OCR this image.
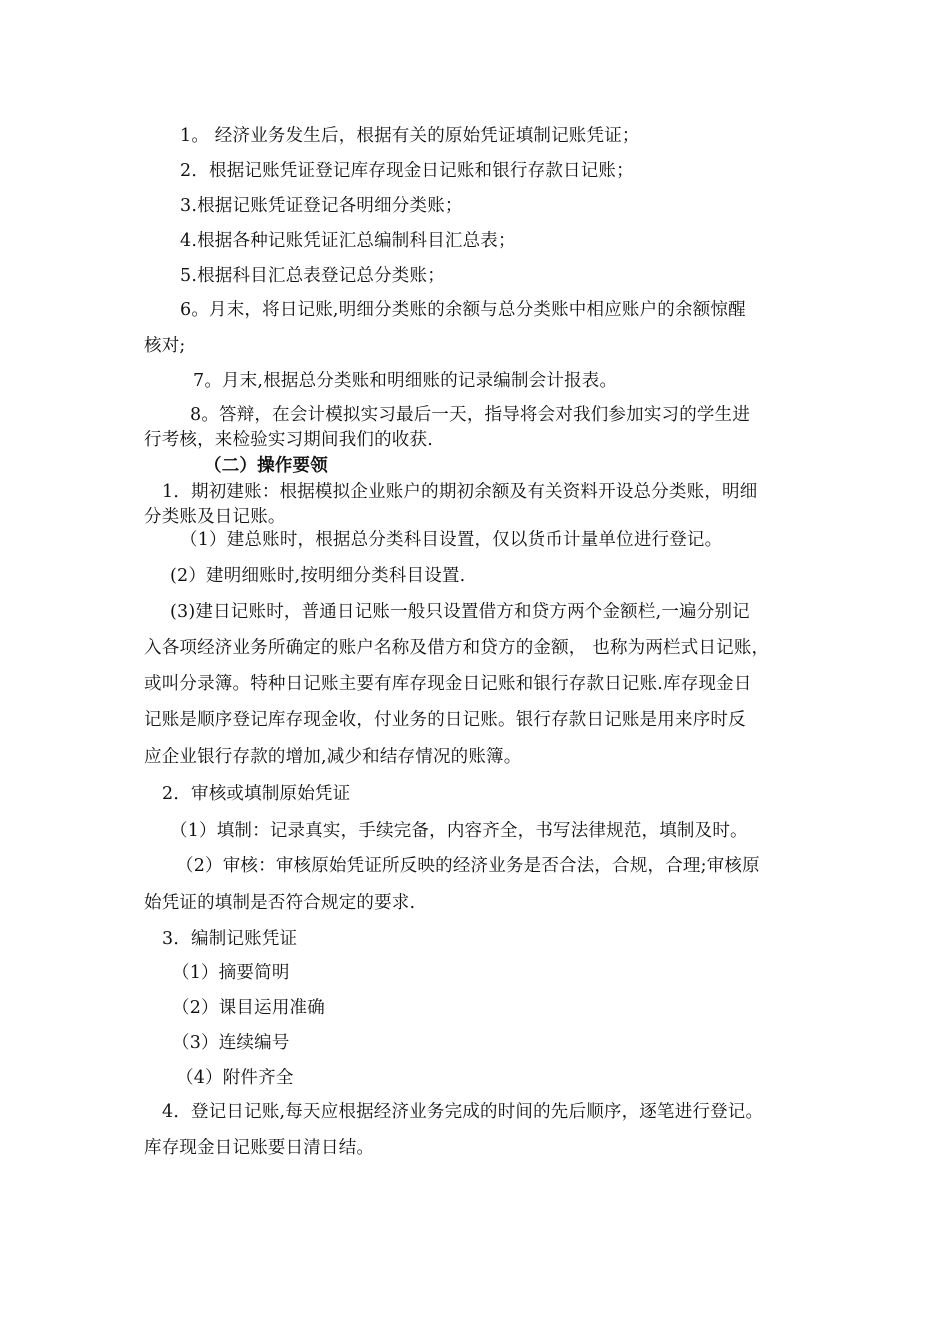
1。 经济业务发生后，根据有关的原始凭证填制记账凭证；
2．根据记账凭证登记库存现金日记账和银行存款日记账；
3.根据记账凭证登记各明细分类账；
4.根据各种记账凭证汇总编制科目汇总表；
5.根据科目汇总表登记总分类账；
6。月末，将日记账,明细分类账的余额与总分类账中相应账户的余额惊醒
核对;
7。月末,根据总分类账和明细账的记录编制会计报表。
8。答辩，在会计模拟实习最后一天，指导将会对我们参加实习的学生进
行考核，来检验实习期间我们的收获.
（二）操作要领
1．期初建账：根据模拟企业账户的期初余额及有关资料开设总分类账，明细
分类账及日记账。
（1）建总账时，根据总分类科目设置，仅以货币计量单位进行登记。
(2）建明细账时,按明细分类科目设置.
(3)建日记账时，普通日记账一般只设置借方和贷方两个金额栏,一遍分别记
入各项经济业务所确定的账户名称及借方和贷方的金额， 也称为两栏式日记账，
或叫分录簿。特种日记账主要有库存现金日记账和银行存款日记账.库存现金日
记账是顺序登记库存现金收，付业务的日记账。银行存款日记账是用来序时反
应企业银行存款的增加,减少和结存情况的账簿。
2．审核或填制原始凭证
（1）填制：记录真实，手续完备，内容齐全，书写法律规范，填制及时。
（2）审核：审核原始凭证所反映的经济业务是否合法，合规，合理;审核原
始凭证的填制是否符合规定的要求.
3．编制记账凭证
（1）摘要简明
（2）课目运用准确
（3）连续编号
（4）附件齐全
4．登记日记账,每天应根据经济业务完成的时间的先后顺序，逐笔进行登记。
库存现金日记账要日清日结。
